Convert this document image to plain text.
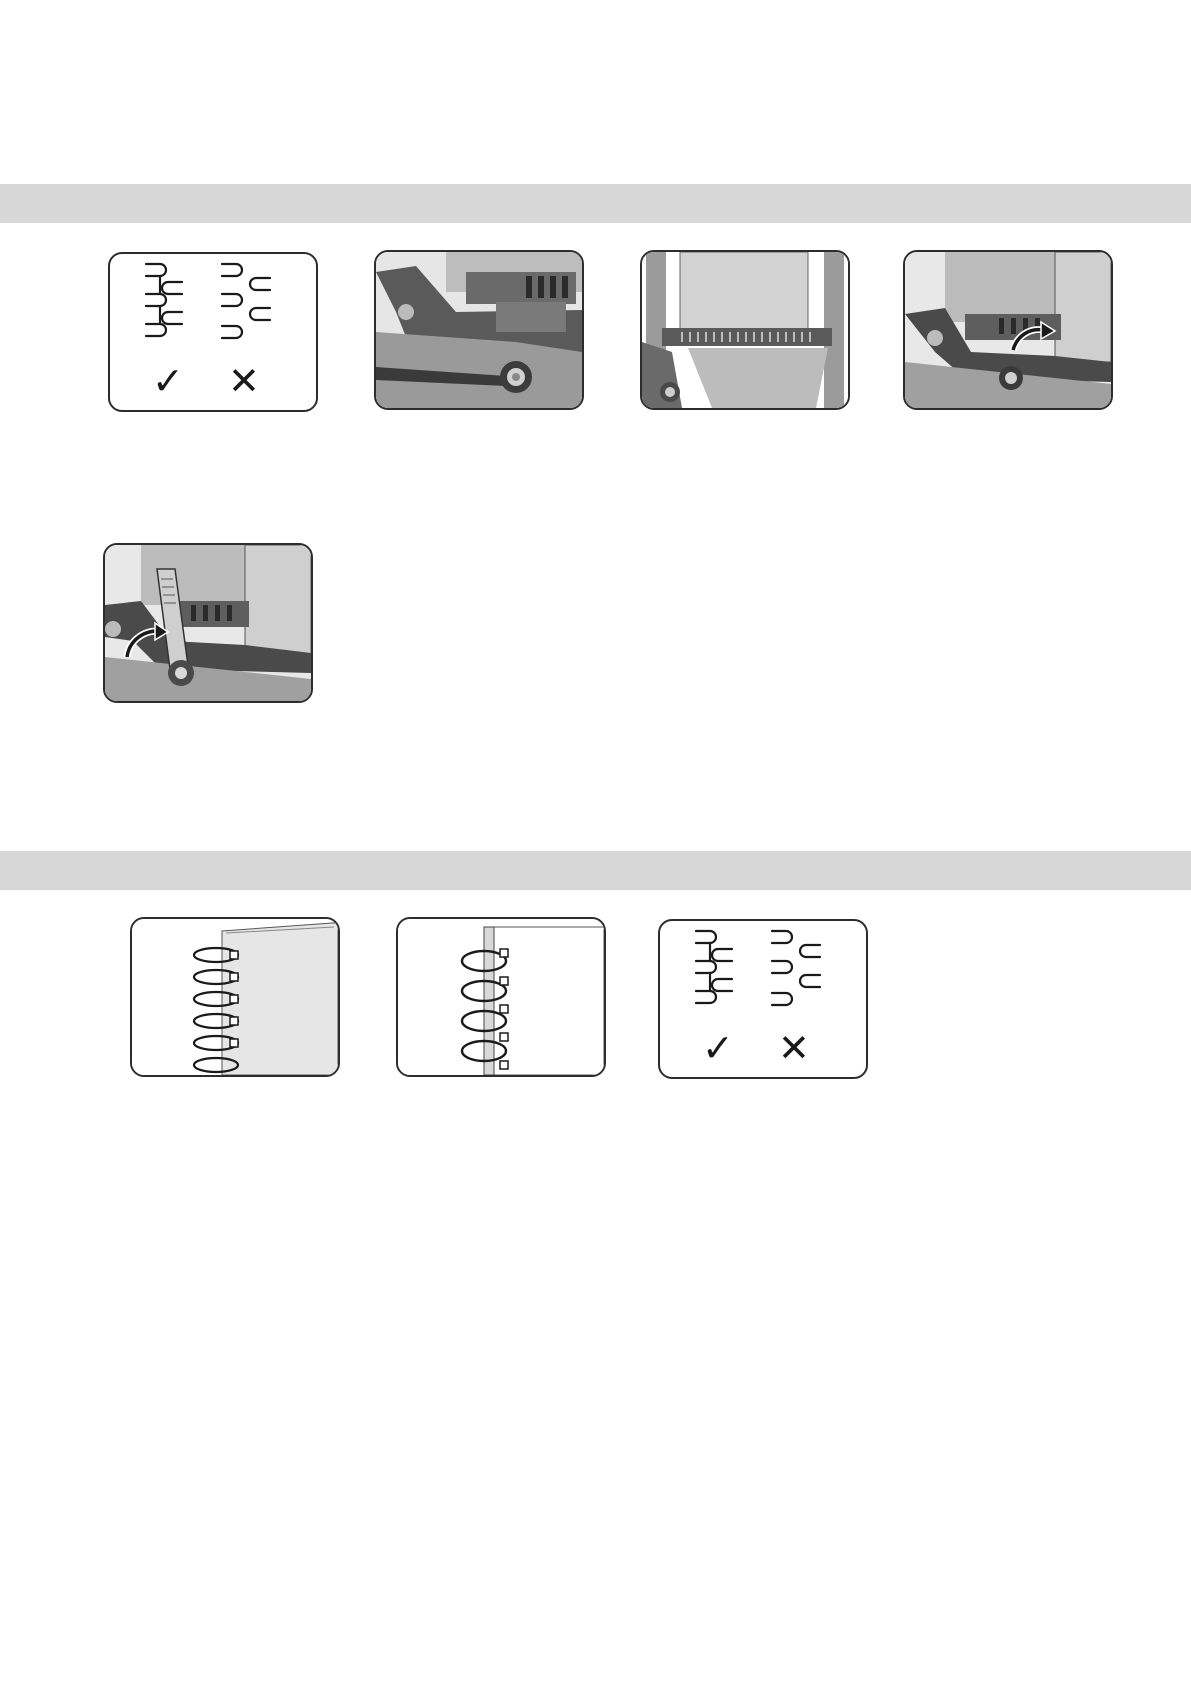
✓ ✕
✓ ✕
